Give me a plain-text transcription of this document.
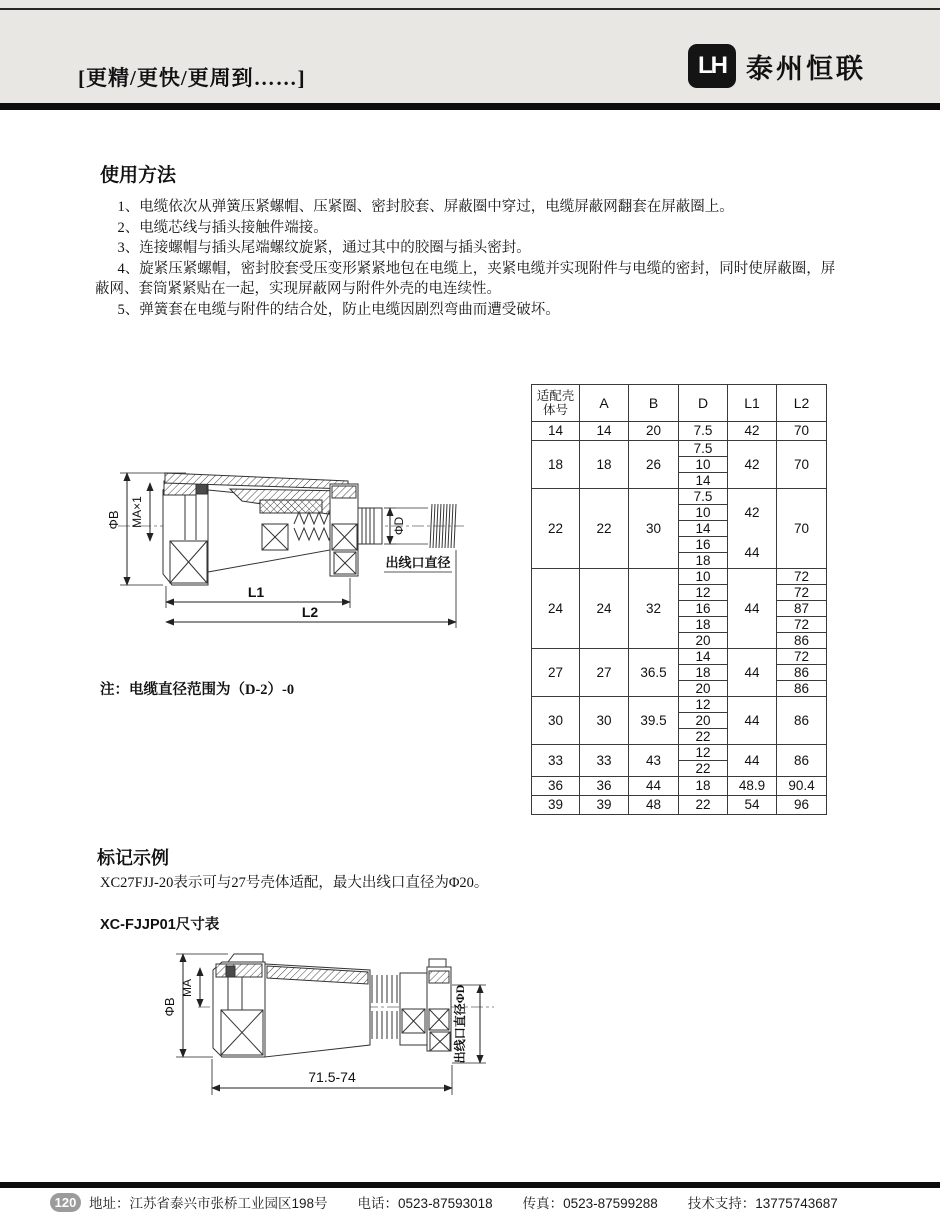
[更精/更快/更周到……]	LH 泰州恒联
使用方法

1、电缆依次从弹簧压紧螺帽、压紧圈、密封胶套、屏蔽圈中穿过，电缆屏蔽网翻套在屏蔽圈上。

2、电缆芯线与插头接触件端接。

3、连接螺帽与插头尾端螺纹旋紧，通过其中的胶圈与插头密封。

4、旋紧压紧螺帽，密封胶套受压变形紧紧地包在电缆上，夹紧电缆并实现附件与电缆的密封，同时使屏蔽圈，屏蔽网、套筒紧紧贴在一起，实现屏蔽网与附件外壳的电连续性。

5、弹簧套在电缆与附件的结合处，防止电缆因剧烈弯曲而遭受破坏。

ΦB MA×1	ΦD
出线口直径
L1
L2
注：电缆直径范围为（D-2）-0
适配壳体号	A	B	D	L1	L2
14	14	20	7.5	42	70
18	18	26	7.5	42	70
			10		
			14		
22	22	30	7.5	42	70
			10		
			14		
			16	44	
			18		
24	24	32	10	44	72
			12		72
			16		87
			18		72
			20		86
27	27	36.5	14	44	72
			18		86
			20		86
30	30	39.5	12	44	86
			20		
			22		
33	33	43	12	44	86
			22		
36	36	44	18	48.9	90.4
39	39	48	22	54	96
标记示例
XC27FJJ-20表示可与27号壳体适配，最大出线口直径为Φ20。
XC-FJJP01尺寸表
ΦB
MA	出线口直径ΦD
71.5-74
120 地址：江苏省泰兴市张桥工业园区198号 电话：0523-87593018 传真：0523-87599288 技术支持：13775743687
